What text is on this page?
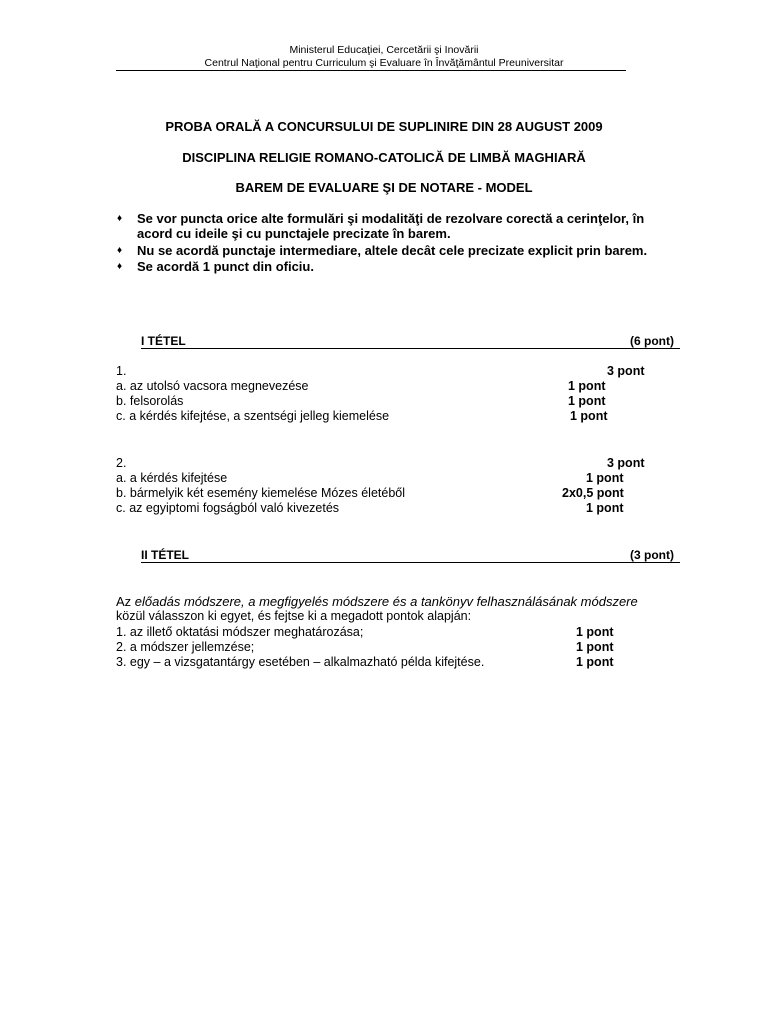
Ministerul Educaţiei, Cercetării şi Inovării
Centrul Naţional pentru Curriculum şi Evaluare în Învăţământul Preuniversitar
PROBA ORALĂ A CONCURSULUI DE SUPLINIRE DIN 28 AUGUST 2009
DISCIPLINA RELIGIE ROMANO-CATOLICĂ DE LIMBĂ MAGHIARĂ
BAREM DE EVALUARE ŞI DE NOTARE - MODEL
♦ Se vor puncta orice alte formulări şi modalităţi de rezolvare corectă a cerinţelor, în
acord cu ideile şi cu punctajele precizate în barem.
♦ Nu se acordă punctaje intermediare, altele decât cele precizate explicit prin barem.
♦ Se acordă 1 punct din oficiu.
I TÉTEL	(6 pont)
1.	3 pont
a. az utolsó vacsora megnevezése	1 pont
b. felsorolás	1 pont
c. a kérdés kifejtése, a szentségi jelleg kiemelése	1 pont
2.	3 pont
a. a kérdés kifejtése	1 pont
b. bármelyik két esemény kiemelése Mózes életéből	2x0,5 pont
c. az egyiptomi fogságból való kivezetés	1 pont
II TÉTEL	(3 pont)
Az előadás módszere, a megfigyelés módszere és a tankönyv felhasználásának módszere
közül válasszon ki egyet, és fejtse ki a megadott pontok alapján:
1. az illető oktatási módszer meghatározása;	1 pont
2. a módszer jellemzése;	1 pont
3. egy – a vizsgatantárgy esetében – alkalmazható példa kifejtése.	1 pont
